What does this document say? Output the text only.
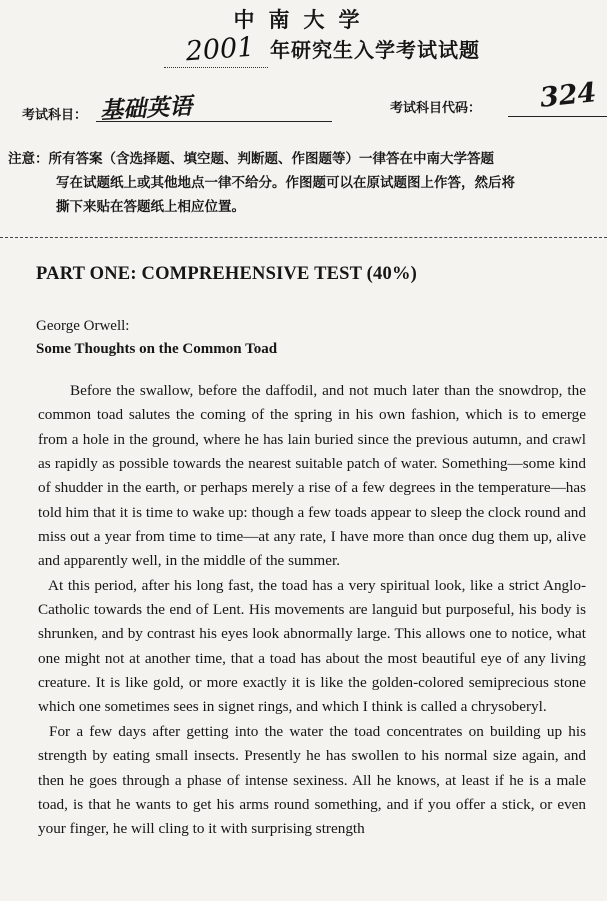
中南大学
2001 年研究生入学考试试题
考试科目： 基础英语	考试科目代码： 324
注意：所有答案（含选择题、填空题、判断题、作图题等）一律答在中南大学答题
写在试题纸上或其他地点一律不给分。作图题可以在原试题图上作答，然后将
撕下来贴在答题纸上相应位置。
PART ONE: COMPREHENSIVE TEST (40%)
George Orwell:
Some Thoughts on the Common Toad

Before the swallow, before the daffodil, and not much later than the snowdrop, the common toad salutes the coming of the spring in his own fashion, which is to emerge from a hole in the ground, where he has lain buried since the previous autumn, and crawl as rapidly as possible towards the nearest suitable patch of water. Something—some kind of shudder in the earth, or perhaps merely a rise of a few degrees in the temperature—has told him that it is time to wake up: though a few toads appear to sleep the clock round and miss out a year from time to time—at any rate, I have more than once dug them up, alive and apparently well, in the middle of the summer.

At this period, after his long fast, the toad has a very spiritual look, like a strict Anglo-Catholic towards the end of Lent. His movements are languid but purposeful, his body is shrunken, and by contrast his eyes look abnormally large. This allows one to notice, what one might not at another time, that a toad has about the most beautiful eye of any living creature. It is like gold, or more exactly it is like the golden-colored semiprecious stone which one sometimes sees in signet rings, and which I think is called a chrysoberyl.

For a few days after getting into the water the toad concentrates on building up his strength by eating small insects. Presently he has swollen to his normal size again, and then he goes through a phase of intense sexiness. All he knows, at least if he is a male toad, is that he wants to get his arms round something, and if you offer a stick, or even your finger, he will cling to it with surprising strength
